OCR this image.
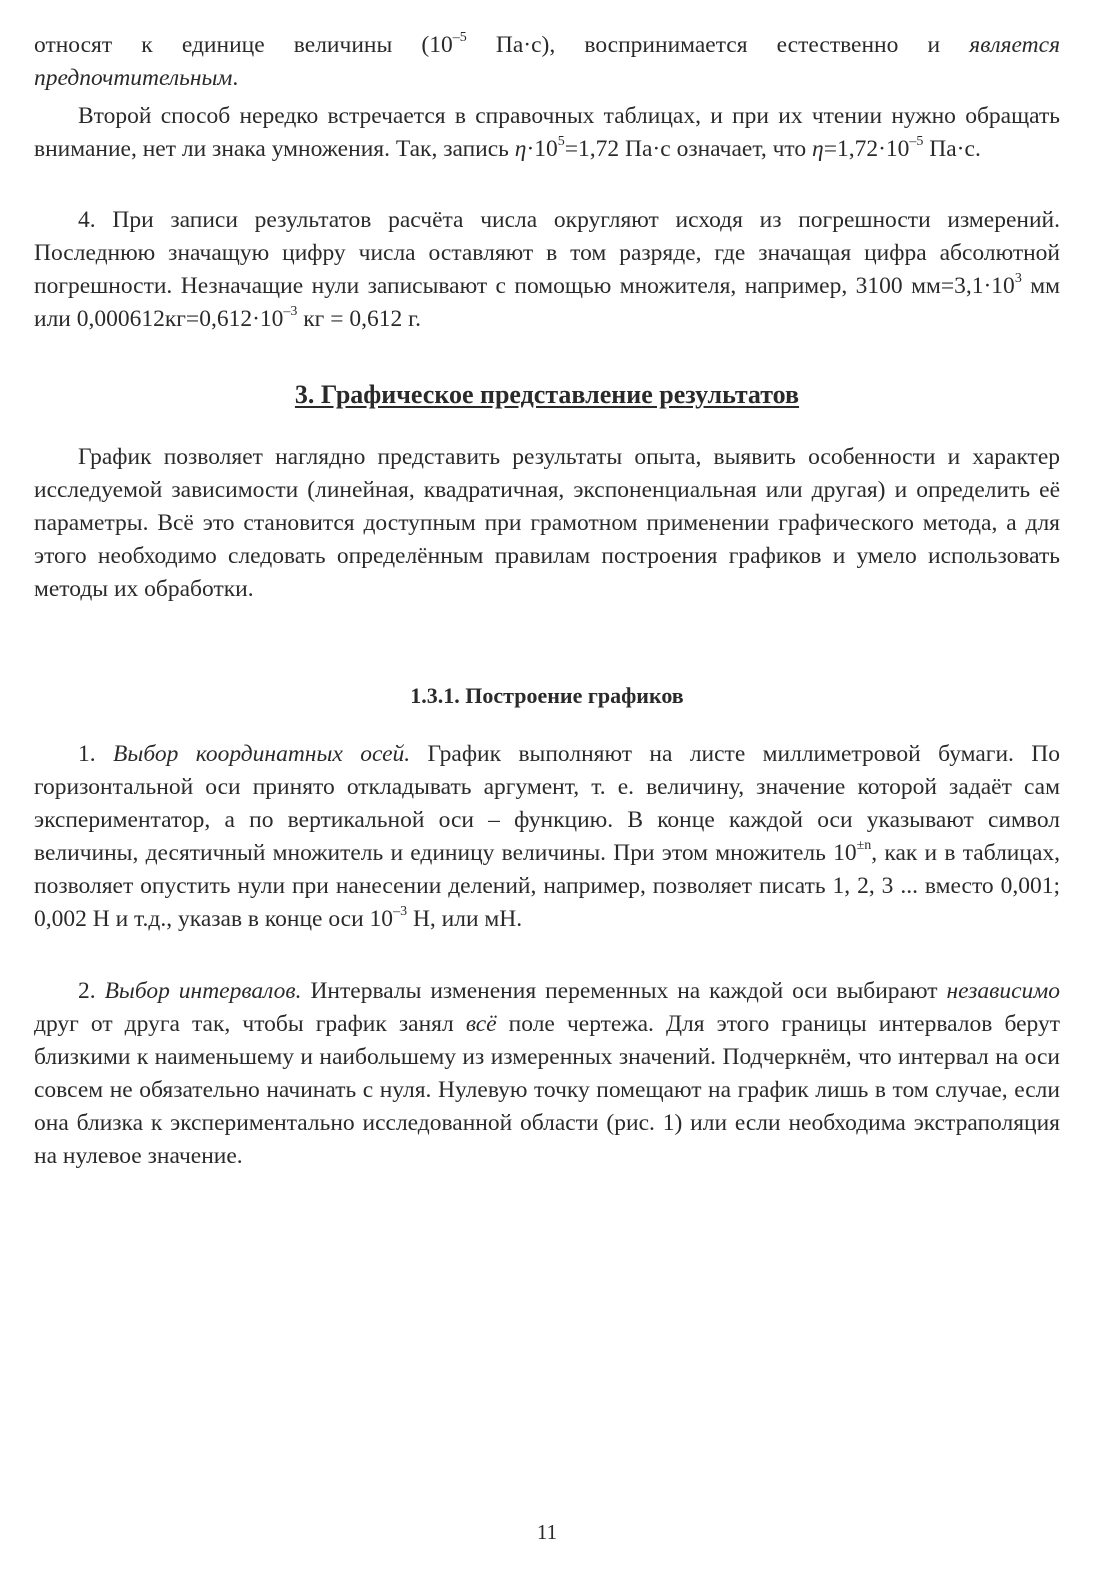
относят к единице величины ($10^{-5}$ Па·с), воспринимается естественно и является предпочтительным.

Второй способ нередко встречается в справочных таблицах, и при их чтении нужно обращать внимание, нет ли знака умножения. Так, запись $\eta\cdot 10^5=1,72$ Па·с означает, что $\eta=1,72\cdot 10^{-5}$ Па·с.

4. При записи результатов расчёта числа округляют исходя из погрешности измерений. Последнюю значащую цифру числа оставляют в том разряде, где значащая цифра абсолютной погрешности. Незначащие нули записывают с помощью множителя, например, 3100 $мм=3,1\cdot 10^3$ мм или $0,000612кг=0,612\cdot 10^{-3}$ кг = 0,612 г.

3. Графическое представление результатов

График позволяет наглядно представить результаты опыта, выявить особенности и характер исследуемой зависимости (линейная, квадратичная, экспоненциальная или другая) и определить её параметры. Всё это становится доступным при грамотном применении графического метода, а для этого необходимо следовать определённым правилам построения графиков и умело использовать методы их обработки.

1.3.1. Построение графиков

1. Выбор координатных осей. График выполняют на листе миллиметровой бумаги. По горизонтальной оси принято откладывать аргумент, т. е. величину, значение которой задаёт сам экспериментатор, а по вертикальной оси – функцию. В конце каждой оси указывают символ величины, десятичный множитель и единицу величины. При этом множитель $10^{\pm n}$, как и в таблицах, позволяет опустить нули при нанесении делений, например, позволяет писать 1, 2, 3 ... вместо 0,001; 0,002 Н и т.д., указав в конце оси $10^{-3}$ Н, или мН.

2. Выбор интервалов. Интервалы изменения переменных на каждой оси выбирают независимо друг от друга так, чтобы график занял всё поле чертежа. Для этого границы интервалов берут близкими к наименьшему и наибольшему из измеренных значений. Подчеркнём, что интервал на оси совсем не обязательно начинать с нуля. Нулевую точку помещают на график лишь в том случае, если она близка к экспериментально исследованной области (рис. 1) или если необходима экстраполяция на нулевое значение.

11
